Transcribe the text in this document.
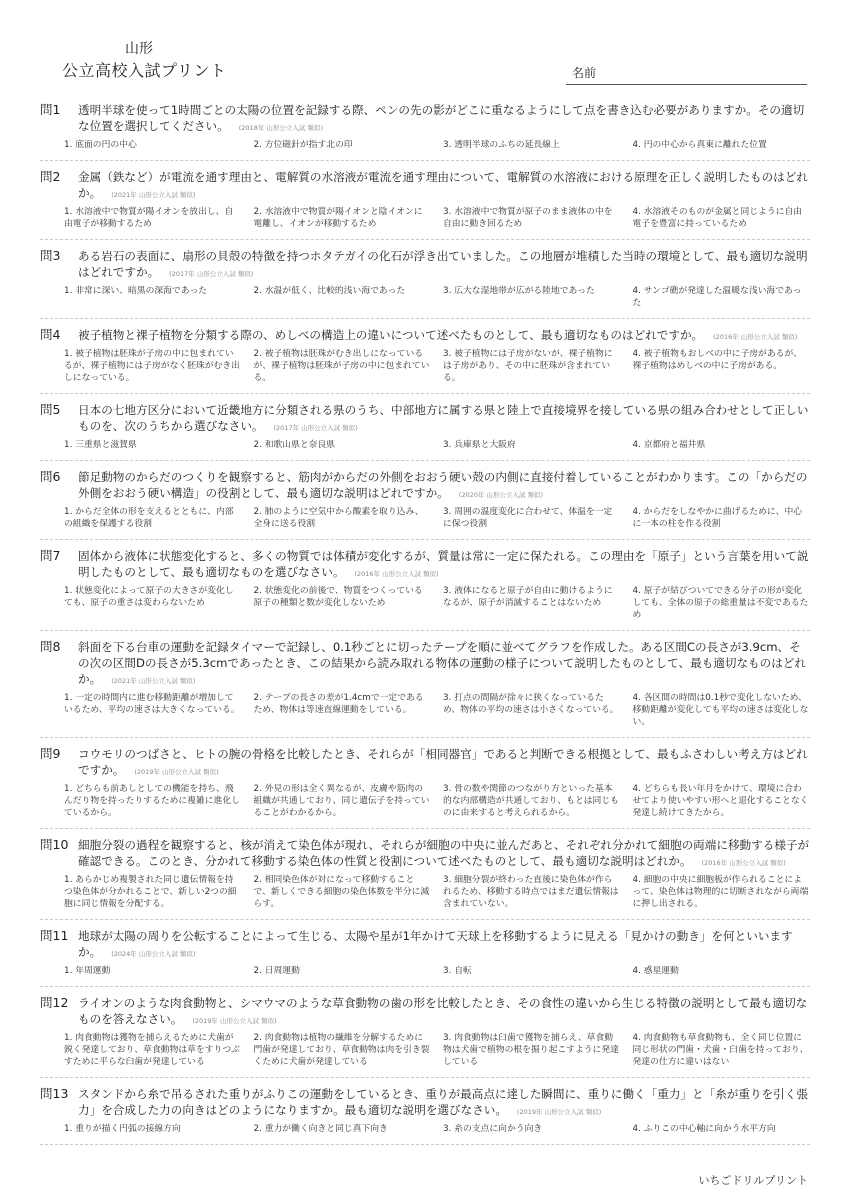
山形
公立高校入試プリント	名前
問1	透明半球を使って1時間ごとの太陽の位置を記録する際、ペンの先の影がどこに重なるようにして点を書き込む必要がありますか。その適切な位置を選択してください。 (2018年 山形公立入試 類似)
1. 底面の円の中心	2. 方位磁針が指す北の印	3. 透明半球のふちの延長線上	4. 円の中心から真東に離れた位置
問2	金属（鉄など）が電流を通す理由と、電解質の水溶液が電流を通す理由について、電解質の水溶液における原理を正しく説明したものはどれか。 (2021年 山形公立入試 類似)
1. 水溶液中で物質が陽イオンを放出し、自由電子が移動するため
2. 水溶液中で物質が陽イオンと陰イオンに電離し、イオンが移動するため
3. 水溶液中で物質が原子のまま液体の中を自由に動き回るため
4. 水溶液そのものが金属と同じように自由電子を豊富に持っているため
問3	ある岩石の表面に、扇形の貝殻の特徴を持つホタテガイの化石が浮き出ていました。この地層が堆積した当時の環境として、最も適切な説明はどれですか。 (2017年 山形公立入試 類似)
1. 非常に深い、暗黒の深海であった	2. 水温が低く、比較的浅い海であった	3. 広大な湿地帯が広がる陸地であった	4. サンゴ礁が発達した温暖な浅い海であった
問4	被子植物と裸子植物を分類する際の、めしべの構造上の違いについて述べたものとして、最も適切なものはどれですか。 (2016年 山形公立入試 類似)
1. 被子植物は胚珠が子房の中に包まれているが、裸子植物には子房がなく胚珠がむき出しになっている。
2. 被子植物は胚珠がむき出しになっているが、裸子植物は胚珠が子房の中に包まれている。
3. 被子植物には子房がないが、裸子植物には子房があり、その中に胚珠が含まれている。
4. 被子植物もおしべの中に子房があるが、裸子植物はめしべの中に子房がある。
問5	日本の七地方区分において近畿地方に分類される県のうち、中部地方に属する県と陸上で直接境界を接している県の組み合わせとして正しいものを、次のうちから選びなさい。 (2017年 山形公立入試 類似)
1. 三重県と滋賀県	2. 和歌山県と奈良県	3. 兵庫県と大阪府	4. 京都府と福井県
問6	節足動物のからだのつくりを観察すると、筋肉がからだの外側をおおう硬い殻の内側に直接付着していることがわかります。この「からだの外側をおおう硬い構造」の役割として、最も適切な説明はどれですか。 (2020年 山形公立入試 類似)
1. からだ全体の形を支えるとともに、内部の組織を保護する役割
2. 肺のように空気中から酸素を取り込み、全身に送る役割
3. 周囲の温度変化に合わせて、体温を一定に保つ役割
4. からだをしなやかに曲げるために、中心に一本の柱を作る役割
問7	固体から液体に状態変化すると、多くの物質では体積が変化するが、質量は常に一定に保たれる。この理由を「原子」という言葉を用いて説明したものとして、最も適切なものを選びなさい。 (2016年 山形公立入試 類似)
1. 状態変化によって原子の大きさが変化しても、原子の重さは変わらないため
2. 状態変化の前後で、物質をつくっている原子の種類と数が変化しないため
3. 液体になると原子が自由に動けるようになるが、原子が消滅することはないため
4. 原子が結びついてできる分子の形が変化しても、全体の原子の総重量は不変であるため
問8	斜面を下る台車の運動を記録タイマーで記録し、0.1秒ごとに切ったテープを順に並べてグラフを作成した。ある区間Cの長さが3.9cm、その次の区間Dの長さが5.3cmであったとき、この結果から読み取れる物体の運動の様子について説明したものとして、最も適切なものはどれか。 (2021年 山形公立入試 類似)
1. 一定の時間内に進む移動距離が増加しているため、平均の速さは大きくなっている。
2. テープの長さの差が1.4cmで一定であるため、物体は等速直線運動をしている。
3. 打点の間隔が徐々に狭くなっているため、物体の平均の速さは小さくなっている。
4. 各区間の時間は0.1秒で変化しないため、移動距離が変化しても平均の速さは変化しない。
問9	コウモリのつばさと、ヒトの腕の骨格を比較したとき、それらが「相同器官」であると判断できる根拠として、最もふさわしい考え方はどれですか。 (2019年 山形公立入試 類似)
1. どちらも前あしとしての機能を持ち、飛んだり物を持ったりするために複雑に進化しているから。
2. 外見の形は全く異なるが、皮膚や筋肉の組織が共通しており、同じ遺伝子を持っていることがわかるから。
3. 骨の数や関節のつながり方といった基本的な内部構造が共通しており、もとは同じものに由来すると考えられるから。
4. どちらも長い年月をかけて、環境に合わせてより使いやすい形へと退化することなく発達し続けてきたから。
問10 細胞分裂の過程を観察すると、核が消えて染色体が現れ、それらが細胞の中央に並んだあと、それぞれ分かれて細胞の両端に移動する様子が確認できる。このとき、分かれて移動する染色体の性質と役割について述べたものとして、最も適切な説明はどれか。 (2016年 山形公立入試 類似)
1. あらかじめ複製された同じ遺伝情報を持つ染色体が分かれることで、新しい2つの細胞に同じ情報を分配する。
2. 相同染色体が対になって移動することで、新しくできる細胞の染色体数を半分に減らす。
3. 細胞分裂が終わった直後に染色体が作られるため、移動する時点ではまだ遺伝情報は含まれていない。
4. 細胞の中央に細胞板が作られることによって、染色体は物理的に切断されながら両端に押し出される。
問11 地球が太陽の周りを公転することによって生じる、太陽や星が1年かけて天球上を移動するように見える「見かけの動き」を何といいますか。 (2024年 山形公立入試 類似)
1. 年周運動	2. 日周運動	3. 自転	4. 惑星運動
問12 ライオンのような肉食動物と、シマウマのような草食動物の歯の形を比較したとき、その食性の違いから生じる特徴の説明として最も適切なものを答えなさい。 (2019年 山形公立入試 類似)
1. 肉食動物は獲物を捕らえるために犬歯が鋭く発達しており、草食動物は草をすりつぶすために平らな臼歯が発達している
2. 肉食動物は植物の繊維を分解するために門歯が発達しており、草食動物は肉を引き裂くために犬歯が発達している
3. 肉食動物は臼歯で獲物を捕らえ、草食動物は犬歯で植物の根を掘り起こすように発達している
4. 肉食動物も草食動物も、全く同じ位置に同じ形状の門歯・犬歯・臼歯を持っており、発達の仕方に違いはない
問13 スタンドから糸で吊るされた重りがふりこの運動をしているとき、重りが最高点に達した瞬間に、重りに働く「重力」と「糸が重りを引く張力」を合成した力の向きはどのようになりますか。最も適切な説明を選びなさい。 (2019年 山形公立入試 類似)
1. 重りが描く円弧の接線方向	2. 重力が働く向きと同じ真下向き	3. 糸の支点に向かう向き	4. ふりこの中心軸に向かう水平方向
いちごドリルプリント
